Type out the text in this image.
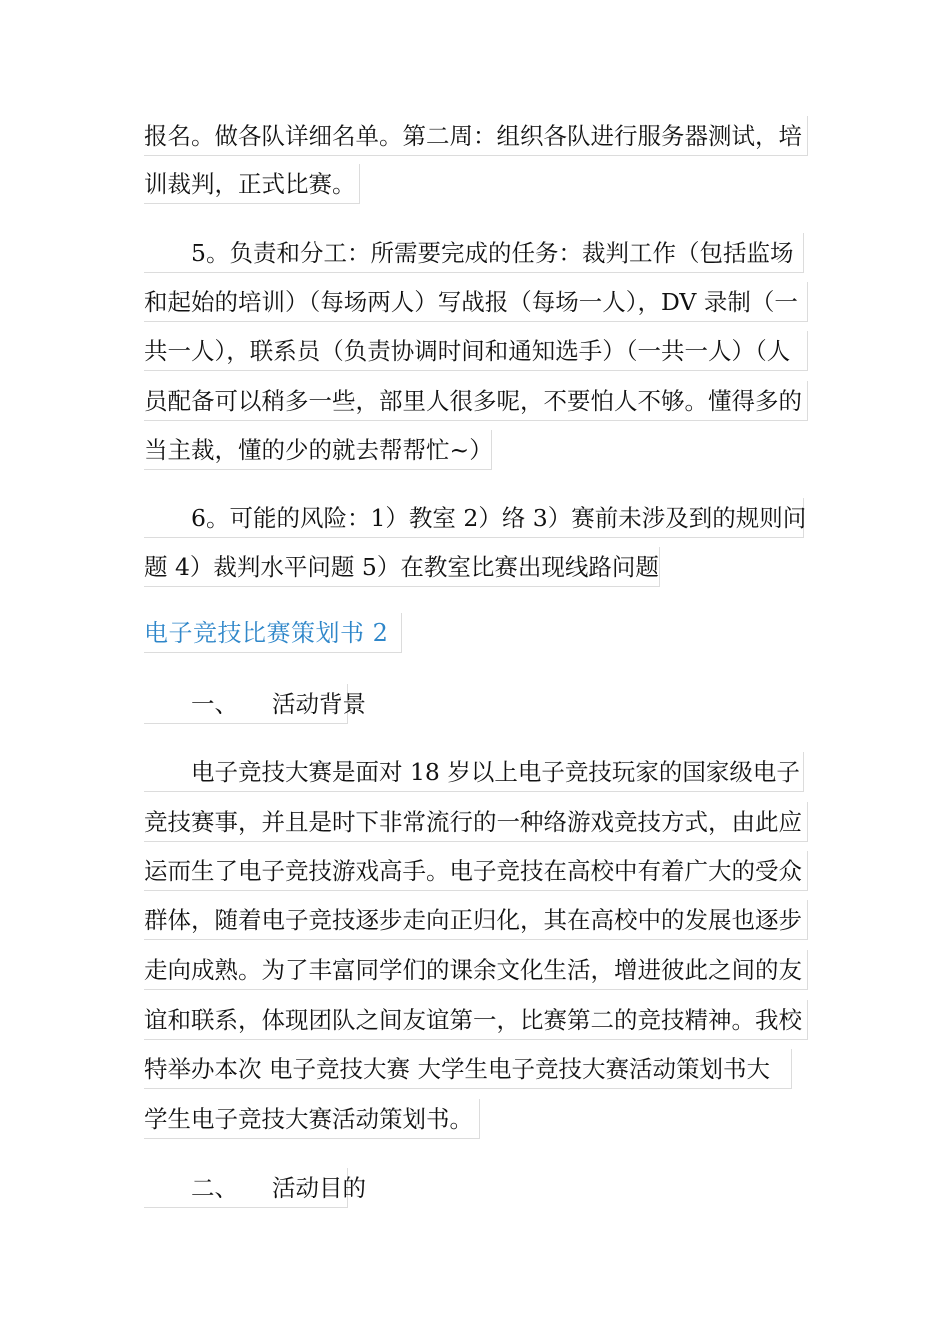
报名。做各队详细名单。第二周：组织各队进行服务器测试，培
训裁判，正式比赛。
5。负责和分工：所需要完成的任务：裁判工作（包括监场
和起始的培训）（每场两人）写战报（每场一人），DV 录制（一
共一人），联系员（负责协调时间和通知选手）（一共一人）（人
员配备可以稍多一些，部里人很多呢，不要怕人不够。懂得多的
当主裁，懂的少的就去帮帮忙~）
6。可能的风险：1）教室 2）络 3）赛前未涉及到的规则问
题 4）裁判水平问题 5）在教室比赛出现线路问题
电子竞技比赛策划书 2
一、 活动背景
电子竞技大赛是面对 18 岁以上电子竞技玩家的国家级电子
竞技赛事，并且是时下非常流行的一种络游戏竞技方式，由此应
运而生了电子竞技游戏高手。电子竞技在高校中有着广大的受众
群体，随着电子竞技逐步走向正归化，其在高校中的发展也逐步
走向成熟。为了丰富同学们的课余文化生活，增进彼此之间的友
谊和联系，体现团队之间友谊第一，比赛第二的竞技精神。我校
特举办本次 电子竞技大赛 大学生电子竞技大赛活动策划书大
学生电子竞技大赛活动策划书。
二、 活动目的
